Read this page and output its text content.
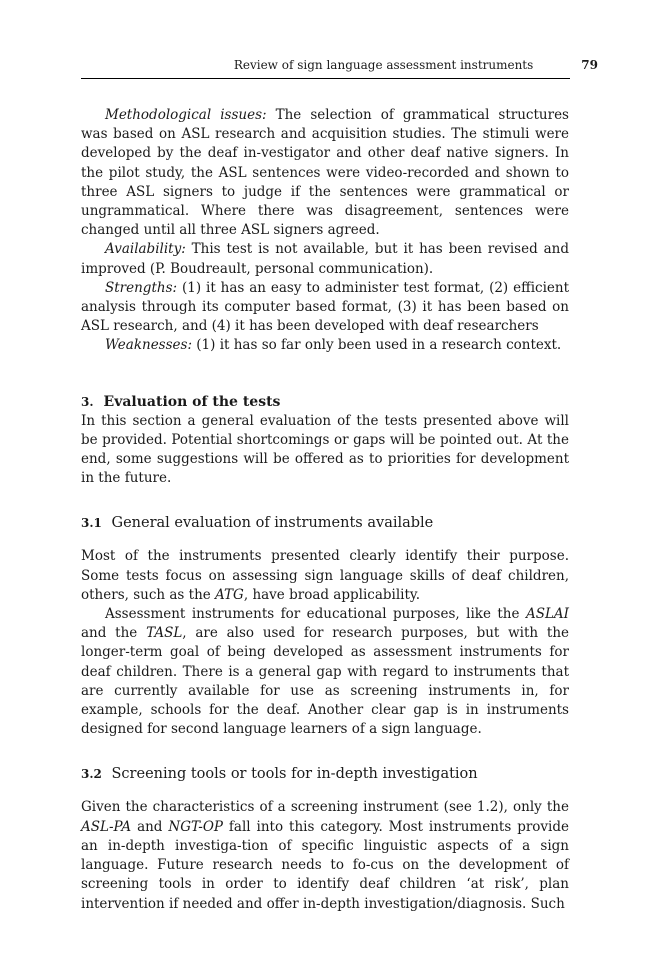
Review of sign language assessment instruments	79

Methodological issues: The selection of grammatical structures was based on ASL research and acquisition studies. The stimuli were developed by the deaf in-vestigator and other deaf native signers. In the pilot study, the ASL sentences were video-recorded and shown to three ASL signers to judge if the sentences were grammatical or ungrammatical. Where there was disagreement, sentences were changed until all three ASL signers agreed.

Availability: This test is not available, but it has been revised and improved (P. Boudreault, personal communication).

Strengths: (1) it has an easy to administer test format, (2) efficient analysis through its computer based format, (3) it has been based on ASL research, and (4) it has been developed with deaf researchers

Weaknesses: (1) it has so far only been used in a research context.

3. Evaluation of the tests

In this section a general evaluation of the tests presented above will be provided. Potential shortcomings or gaps will be pointed out. At the end, some suggestions will be offered as to priorities for development in the future.

3.1 General evaluation of instruments available

Most of the instruments presented clearly identify their purpose. Some tests focus on assessing sign language skills of deaf children, others, such as the ATG, have broad applicability.

Assessment instruments for educational purposes, like the ASLAI and the TASL, are also used for research purposes, but with the longer-term goal of being developed as assessment instruments for deaf children. There is a general gap with regard to instruments that are currently available for use as screening instruments in, for example, schools for the deaf. Another clear gap is in instruments designed for second language learners of a sign language.

3.2 Screening tools or tools for in-depth investigation

Given the characteristics of a screening instrument (see 1.2), only the ASL-PA and NGT-OP fall into this category. Most instruments provide an in-depth investiga-tion of specific linguistic aspects of a sign language. Future research needs to fo-cus on the development of screening tools in order to identify deaf children ‘at risk’, plan intervention if needed and offer in-depth investigation/diagnosis. Such
